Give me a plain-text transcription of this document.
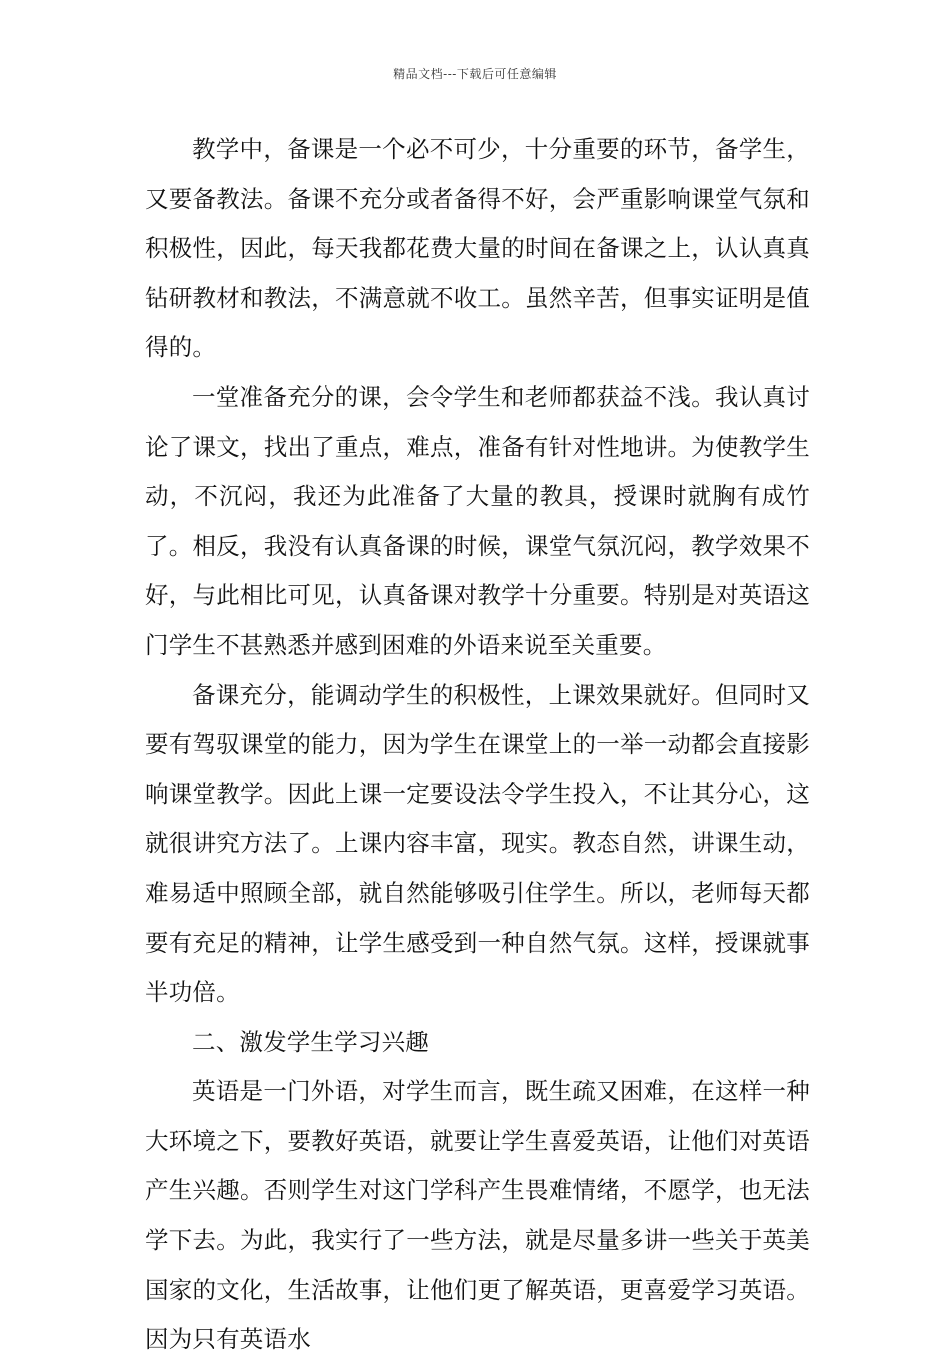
精品文档---下载后可任意编辑

教学中，备课是一个必不可少，十分重要的环节，备学生，又要备教法。备课不充分或者备得不好，会严重影响课堂气氛和积极性，因此，每天我都花费大量的时间在备课之上，认认真真钻研教材和教法，不满意就不收工。虽然辛苦，但事实证明是值得的。

一堂准备充分的课，会令学生和老师都获益不浅。我认真讨论了课文，找出了重点，难点，准备有针对性地讲。为使教学生动，不沉闷，我还为此准备了大量的教具，授课时就胸有成竹了。相反，我没有认真备课的时候，课堂气氛沉闷，教学效果不好，与此相比可见，认真备课对教学十分重要。特别是对英语这门学生不甚熟悉并感到困难的外语来说至关重要。

备课充分，能调动学生的积极性，上课效果就好。但同时又要有驾驭课堂的能力，因为学生在课堂上的一举一动都会直接影响课堂教学。因此上课一定要设法令学生投入，不让其分心，这就很讲究方法了。上课内容丰富，现实。教态自然，讲课生动，难易适中照顾全部，就自然能够吸引住学生。所以，老师每天都要有充足的精神，让学生感受到一种自然气氛。这样，授课就事半功倍。

二、激发学生学习兴趣

英语是一门外语，对学生而言，既生疏又困难，在这样一种大环境之下，要教好英语，就要让学生喜爱英语，让他们对英语产生兴趣。否则学生对这门学科产生畏难情绪，不愿学，也无法学下去。为此，我实行了一些方法，就是尽量多讲一些关于英美国家的文化，生活故事，让他们更了解英语，更喜爱学习英语。因为只有英语水
